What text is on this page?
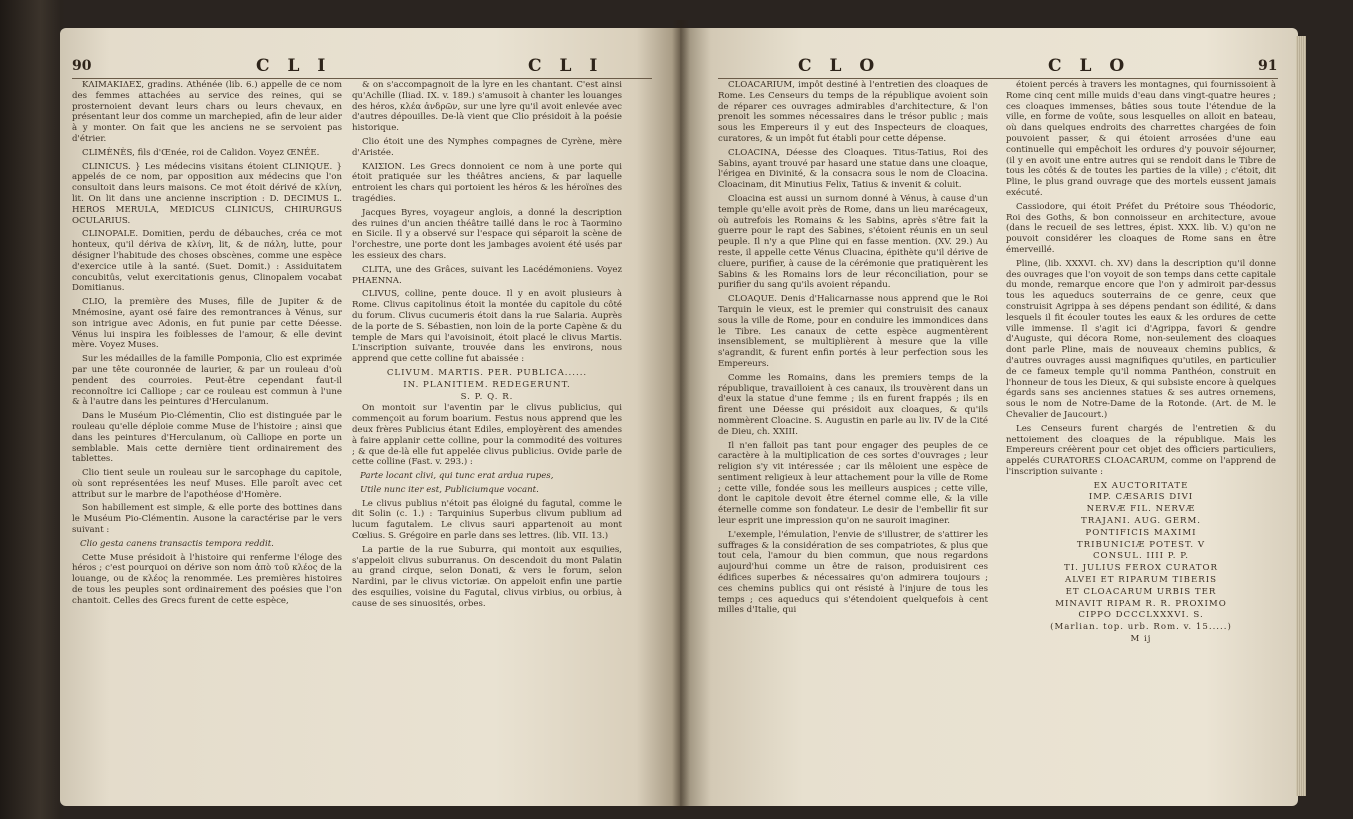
90	C L I	C L I

ΚΛΙΜΑΚΙΔΕΣ, gradins. Athénée (lib. 6.) appelle de ce nom des femmes attachées au service des reines, qui se prosternoient devant leurs chars ou leurs chevaux, en présentant leur dos comme un marchepied, afin de leur aider à y monter. On fait que les anciens ne se servoient pas d'étrier.

CLIMÈNÈS, fils d'Œnée, roi de Calidon. Voyez ŒNÉE.

CLINICUS. } Les médecins visitans étoient CLINIQUE. } appelés de ce nom, par opposition aux médecins que l'on consultoit dans leurs maisons. Ce mot étoit dérivé de κλίνη, lit. On lit dans une ancienne inscription : D. DECIMUS L. HEROS MERULA, MEDICUS CLINICUS, CHIRURGUS OCULARIUS.

CLINOPALE. Domitien, perdu de débauches, créa ce mot honteux, qu'il dériva de κλίνη, lit, & de πάλη, lutte, pour désigner l'habitude des choses obscènes, comme une espèce d'exercice utile à la santé. (Suet. Domit.) : Assiduitatem concubitûs, velut exercitationis genus, Clinopalem vocabat Domitianus.

CLIO, la première des Muses, fille de Jupiter & de Mnémosine, ayant osé faire des remontrances à Vénus, sur son intrigue avec Adonis, en fut punie par cette Déesse. Vénus lui inspira les foiblesses de l'amour, & elle devint mère. Voyez Muses.

Sur les médailles de la famille Pomponia, Clio est exprimée par une tête couronnée de laurier, & par un rouleau d'où pendent des courroies. Peut-être cependant faut-il reconnoître ici Calliope ; car ce rouleau est commun à l'une & à l'autre dans les peintures d'Herculanum.

Dans le Muséum Pio-Clémentin, Clio est distinguée par le rouleau qu'elle déploie comme Muse de l'histoire ; ainsi que dans les peintures d'Herculanum, où Calliope en porte un semblable. Mais cette dernière tient ordinairement des tablettes.

Clio tient seule un rouleau sur le sarcophage du capitole, où sont représentées les neuf Muses. Elle paroît avec cet attribut sur le marbre de l'apothéose d'Homère.

Son habillement est simple, & elle porte des bottines dans le Muséum Pio-Clémentin. Ausone la caractérise par le vers suivant :

Clio gesta canens transactis tempora reddit.

Cette Muse présidoit à l'histoire qui renferme l'éloge des héros ; c'est pourquoi on dérive son nom ἀπὸ τοῦ κλέος de la louange, ou de κλέος la renommée. Les premières histoires de tous les peuples sont ordinairement des poésies que l'on chantoit. Celles des Grecs furent de cette espèce,

& on s'accompagnoit de la lyre en les chantant. C'est ainsi qu'Achille (Iliad. IX. v. 189.) s'amusoit à chanter les louanges des héros, κλέα ἀνδρῶν, sur une lyre qu'il avoit enlevée avec d'autres dépouilles. De-là vient que Clio présidoit à la poésie historique.

Clio étoit une des Nymphes compagnes de Cyrène, mère d'Aristée.

ΚΛΙΣΙΟΝ. Les Grecs donnoient ce nom à une porte qui étoit pratiquée sur les théâtres anciens, & par laquelle entroient les chars qui portoient les héros & les héroïnes des tragédies.

Jacques Byres, voyageur anglois, a donné la description des ruines d'un ancien théâtre taillé dans le roc à Taormino en Sicile. Il y a observé sur l'espace qui séparoit la scène de l'orchestre, une porte dont les jambages avoient été usés par les essieux des chars.

CLITA, une des Grâces, suivant les Lacédémoniens. Voyez PHAENNA.

CLIVUS, colline, pente douce. Il y en avoit plusieurs à Rome. Clivus capitolinus étoit la montée du capitole du côté du forum. Clivus cucumeris étoit dans la rue Salaria. Auprès de la porte de S. Sébastien, non loin de la porte Capène & du temple de Mars qui l'avoisinoit, étoit placé le clivus Martis. L'inscription suivante, trouvée dans les environs, nous apprend que cette colline fut abaissée :

CLIVUM. MARTIS. PER. PUBLICA......

IN. PLANITIEM. REDEGERUNT.

S. P. Q. R.

On montoit sur l'aventin par le clivus publicius, qui commençoit au forum boarium. Festus nous apprend que les deux frères Publicius étant Ediles, employèrent des amendes à faire applanir cette colline, pour la commodité des voitures ; & que de-là elle fut appelée clivus publicius. Ovide parle de cette colline (Fast. v. 293.) :

Parte locant clivi, qui tunc erat ardua rupes,

Utile nunc iter est, Publiciumque vocant.

Le clivus publius n'étoit pas éloigné du fagutal, comme le dit Solin (c. 1.) : Tarquinius Superbus clivum publium ad lucum fagutalem. Le clivus sauri appartenoit au mont Cœlius. S. Grégoire en parle dans ses lettres. (lib. VII. 13.)

La partie de la rue Suburra, qui montoit aux esquilies, s'appeloit clivus suburranus. On descendoit du mont Palatin au grand cirque, selon Donati, & vers le forum, selon Nardini, par le clivus victoriæ. On appeloit enfin une partie des esquilies, voisine du Fagutal, clivus virbius, ou orbius, à cause de ses sinuosités, orbes.

C L O	C L O	91

CLOACARIUM, impôt destiné à l'entretien des cloaques de Rome. Les Censeurs du temps de la république avoient soin de réparer ces ouvrages admirables d'architecture, & l'on prenoit les sommes nécessaires dans le trésor public ; mais sous les Empereurs il y eut des Inspecteurs de cloaques, curatores, & un impôt fut établi pour cette dépense.

CLOACINA, Déesse des Cloaques. Titus-Tatius, Roi des Sabins, ayant trouvé par hasard une statue dans une cloaque, l'érigea en Divinité, & la consacra sous le nom de Cloacina. Cloacinam, dit Minutius Felix, Tatius & invenit & coluit.

Cloacina est aussi un surnom donné à Vénus, à cause d'un temple qu'elle avoit près de Rome, dans un lieu marécageux, où autrefois les Romains & les Sabins, après s'être fait la guerre pour le rapt des Sabines, s'étoient réunis en un seul peuple. Il n'y a que Pline qui en fasse mention. (XV. 29.) Au reste, il appelle cette Vénus Cluacina, épithète qu'il dérive de cluere, purifier, à cause de la cérémonie que pratiquèrent les Sabins & les Romains lors de leur réconciliation, pour se purifier du sang qu'ils avoient répandu.

CLOAQUE. Denis d'Halicarnasse nous apprend que le Roi Tarquin le vieux, est le premier qui construisit des canaux sous la ville de Rome, pour en conduire les immondices dans le Tibre. Les canaux de cette espèce augmentèrent insensiblement, se multiplièrent à mesure que la ville s'agrandit, & furent enfin portés à leur perfection sous les Empereurs.

Comme les Romains, dans les premiers temps de la république, travailloient à ces canaux, ils trouvèrent dans un d'eux la statue d'une femme ; ils en furent frappés ; ils en firent une Déesse qui présidoit aux cloaques, & qu'ils nommèrent Cloacine. S. Augustin en parle au liv. IV de la Cité de Dieu, ch. XXIII.

Il n'en falloit pas tant pour engager des peuples de ce caractère à la multiplication de ces sortes d'ouvrages ; leur religion s'y vit intéressée ; car ils mêloient une espèce de sentiment religieux à leur attachement pour la ville de Rome ; cette ville, fondée sous les meilleurs auspices ; cette ville, dont le capitole devoit être éternel comme elle, & la ville éternelle comme son fondateur. Le desir de l'embellir fit sur leur esprit une impression qu'on ne sauroit imaginer.

L'exemple, l'émulation, l'envie de s'illustrer, de s'attirer les suffrages & la considération de ses compatriotes, & plus que tout cela, l'amour du bien commun, que nous regardons aujourd'hui comme un être de raison, produisirent ces édifices superbes & nécessaires qu'on admirera toujours ; ces chemins publics qui ont résisté à l'injure de tous les temps ; ces aqueducs qui s'étendoient quelquefois à cent milles d'Italie, qui

étoient percés à travers les montagnes, qui fournissoient à Rome cinq cent mille muids d'eau dans vingt-quatre heures ; ces cloaques immenses, bâties sous toute l'étendue de la ville, en forme de voûte, sous lesquelles on alloit en bateau, où dans quelques endroits des charrettes chargées de foin pouvoient passer, & qui étoient arrosées d'une eau continuelle qui empêchoit les ordures d'y pouvoir séjourner, (il y en avoit une entre autres qui se rendoit dans le Tibre de tous les côtés & de toutes les parties de la ville) ; c'étoit, dit Pline, le plus grand ouvrage que des mortels eussent jamais exécuté.

Cassiodore, qui étoit Préfet du Prétoire sous Théodoric, Roi des Goths, & bon connoisseur en architecture, avoue (dans le recueil de ses lettres, épist. XXX. lib. V.) qu'on ne pouvoit considérer les cloaques de Rome sans en être émerveillé.

Pline, (lib. XXXVI. ch. XV) dans la description qu'il donne des ouvrages que l'on voyoit de son temps dans cette capitale du monde, remarque encore que l'on y admiroit par-dessus tous les aqueducs souterrains de ce genre, ceux que construisit Agrippa à ses dépens pendant son édilité, & dans lesquels il fit écouler toutes les eaux & les ordures de cette ville immense. Il s'agit ici d'Agrippa, favori & gendre d'Auguste, qui décora Rome, non-seulement des cloaques dont parle Pline, mais de nouveaux chemins publics, & d'autres ouvrages aussi magnifiques qu'utiles, en particulier de ce fameux temple qu'il nomma Panthéon, construit en l'honneur de tous les Dieux, & qui subsiste encore à quelques égards sans ses anciennes statues & ses autres ornemens, sous le nom de Notre-Dame de la Rotonde. (Art. de M. le Chevalier de Jaucourt.)

Les Censeurs furent chargés de l'entretien & du nettoiement des cloaques de la république. Mais les Empereurs créèrent pour cet objet des officiers particuliers, appelés CURATORES CLOACARUM, comme on l'apprend de l'inscription suivante :

EX AUCTORITATE

IMP. CÆSARIS DIVI

NERVÆ FIL. NERVÆ

TRAJANI. AUG. GERM.

PONTIFICIS MAXIMI

TRIBUNICIÆ POTEST. V

CONSUL. IIII P. P.

TI. JULIUS FEROX CURATOR

ALVEI ET RIPARUM TIBERIS

ET CLOACARUM URBIS TER

MINAVIT RIPAM R. R. PROXIMO

CIPPO DCCCLXXXVI. S.

(Marlian. top. urb. Rom. v. 15.....)

M ij
